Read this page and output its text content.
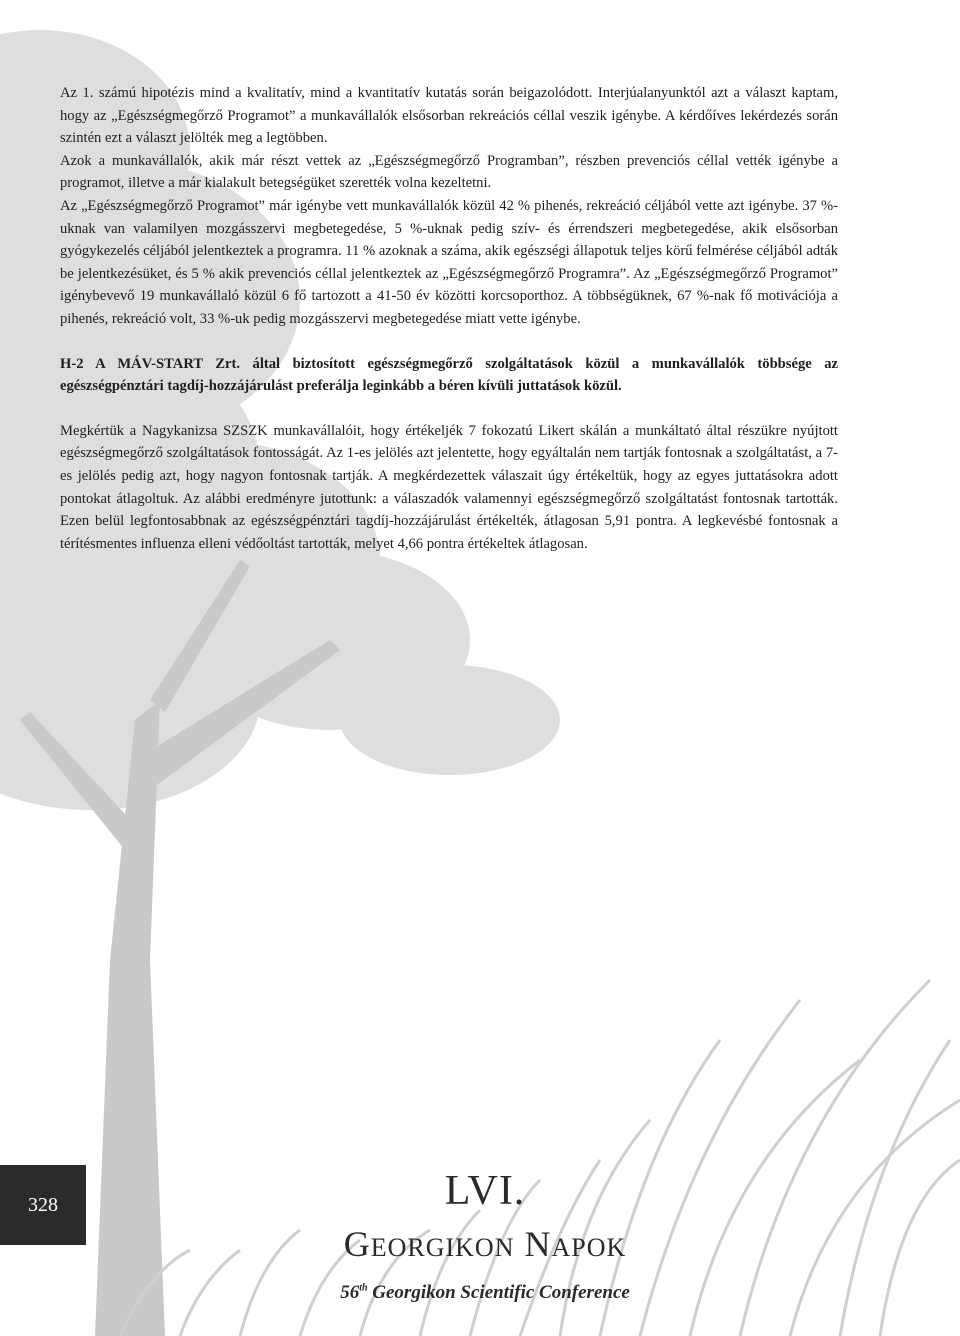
Az 1. számú hipotézis mind a kvalitatív, mind a kvantitatív kutatás során beigazolódott. Interjúalanyunktól azt a választ kaptam, hogy az „Egészségmegőrző Programot” a munkavállalók elsősorban rekreációs céllal veszik igénybe. A kérdőíves lekérdezés során szintén ezt a választ jelölték meg a legtöbben.

Azok a munkavállalók, akik már részt vettek az „Egészségmegőrző Programban”, részben prevenciós céllal vették igénybe a programot, illetve a már kialakult betegségüket szerették volna kezeltetni.

Az „Egészségmegőrző Programot” már igénybe vett munkavállalók közül 42 % pihenés, rekreáció céljából vette azt igénybe. 37 %-uknak van valamilyen mozgásszervi megbetegedése, 5 %-uknak pedig szív- és érrendszeri megbetegedése, akik elsősorban gyógykezelés céljából jelentkeztek a programra. 11 % azoknak a száma, akik egészségi állapotuk teljes körű felmérése céljából adták be jelentkezésüket, és 5 % akik prevenciós céllal jelentkeztek az „Egészségmegőrző Programra”. Az „Egészségmegőrző Programot” igénybevevő 19 munkavállaló közül 6 fő tartozott a 41-50 év közötti korcsoporthoz. A többségüknek, 67 %-nak fő motivációja a pihenés, rekreáció volt, 33 %-uk pedig mozgásszervi megbetegedése miatt vette igénybe.

H-2 A MÁV-START Zrt. által biztosított egészségmegőrző szolgáltatások közül a munkavállalók többsége az egészségpénztári tagdíj-hozzájárulást preferálja leginkább a béren kívüli juttatások közül.

Megkértük a Nagykanizsa SZSZK munkavállalóit, hogy értékeljék 7 fokozatú Likert skálán a munkáltató által részükre nyújtott egészségmegőrző szolgáltatások fontosságát. Az 1-es jelölés azt jelentette, hogy egyáltalán nem tartják fontosnak a szolgáltatást, a 7-es jelölés pedig azt, hogy nagyon fontosnak tartják. A megkérdezettek válaszait úgy értékeltük, hogy az egyes juttatásokra adott pontokat átlagoltuk. Az alábbi eredményre jutottunk: a válaszadók valamennyi egészségmegőrző szolgáltatást fontosnak tartották. Ezen belül legfontosabbnak az egészségpénztári tagdíj-hozzájárulást értékelték, átlagosan 5,91 pontra. A legkevésbé fontosnak a térítésmentes influenza elleni védőoltást tartották, melyet 4,66 pontra értékeltek átlagosan.

328	LVI.
GEORGIKON NAPOK
56th Georgikon Scientific Conference
